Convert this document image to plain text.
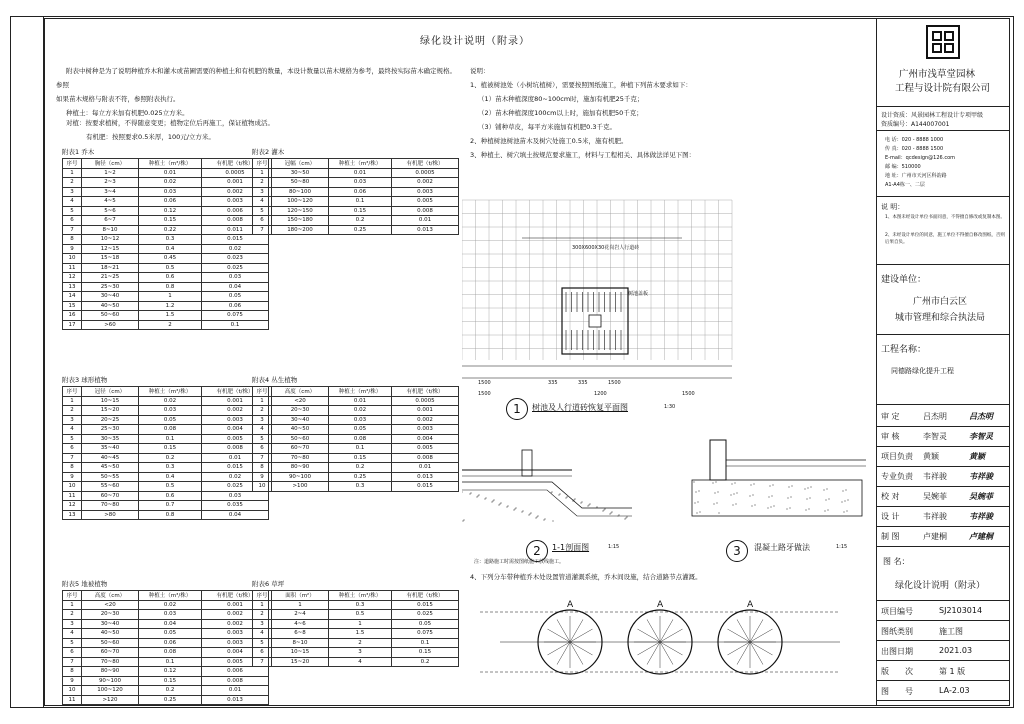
绿化设计说明（附录）
附表中树种是为了说明种植乔木和灌木或苗圃需要的种植土和有机肥的数量，本设计数量以苗木规格为参考，最终按实际苗木确定规格。
参照
如果苗木规格与附表不符，参照附表执行。
种植土：每立方米加有机肥0.025立方米。
对植：按要求植树，不得随意变更；植物定位后再施工，保证植物成活。
有机肥：按照要求0.5米厚，100元/立方米。
说明：
1、植被树池处（小树坑植树），需要按照图纸施工，种植下列苗木要求如下：
（1）苗木种植深度80~100cm时，施加有机肥25千克；
（2）苗木种植深度100cm以上时，施加有机肥50千克；
（3）铺种草皮，每平方米施加有机肥0.3千克。
2、种植树池树池苗木及树穴处施工0.5米，施有机肥。
3、种植土、树穴填土按规范要求施工，材料与工程相关、具体做法详见下图：
300X600X30花岗岩人行道砖
树池盖板
1500	335	335	1500
1200
1500	1500
1	树池及人行道砖恢复平面图	1:30
2	1-1剖面图	1:15
注：道路施工时需按图纸施工放线施工。
3	混凝土路牙做法	1:15
4、下列分车带种植乔木处设置管道灌溉系统，乔木间设施，结合道路节点灌溉。
A	A	A
广州市浅草堂园林
工程与设计院有限公司
设计资质：风景园林工程设计专项甲级
资质编号：A144007001
电 话：020 - 8888 1000
传 真：020 - 8888 1500
E-mail：qcdesign@126.com
邮 编：510000
地 址：广州市天河区科韵路
A1-A4栋一、二层
说 明：
1、本图未经设计单位书面同意，不得擅自修改或复制本图。
2、未经设计单位的同意，施工单位不得擅自修改图纸，否则后果自负。
建设单位：
广州市白云区
城市管理和综合执法局
工程名称：
同德路绿化提升工程
审 定	吕杰明	吕杰明
审 核	李智灵	李智灵
项目负责 黄颖	黄颖
专业负责 韦祥骏	韦祥骏
校 对	吴婉菲	吴婉菲
设 计	韦祥骏	韦祥骏
制 图	卢建桐	卢建桐
图 名：
绿化设计说明（附录）
项目编号	SJ2103014
图纸类别	施工图
出图日期	2021.03
版　　次	第 1 版
图　　号	LA-2.03
附表1 乔木
序号	胸径（cm）	种植土（m³/株）	有机肥（t/株）
1	1~2	0.01	0.0005
2	2~3	0.02	0.001
3	3~4	0.03	0.002
4	4~5	0.06	0.003
5	5~6	0.12	0.006
6	6~7	0.15	0.008
7	8~10	0.22	0.011
8	10~12	0.3	0.015
9	12~15	0.4	0.02
10	15~18	0.45	0.023
11	18~21	0.5	0.025
12	21~25	0.6	0.03
13	25~30	0.8	0.04
14	30~40	1	0.05
15	40~50	1.2	0.06
16	50~60	1.5	0.075
17	>60	2	0.1
附表2 灌木
序号	冠幅（cm）	种植土（m³/株）	有机肥（t/株）
1	30~50	0.01	0.0005
2	50~80	0.03	0.002
3	80~100	0.06	0.003
4	100~120	0.1	0.005
5	120~150	0.15	0.008
6	150~180	0.2	0.01
7	180~200	0.25	0.013
附表3 球形植物
序号	冠径（cm）	种植土（m³/株）	有机肥（t/株）
1	10~15	0.02	0.001
2	15~20	0.03	0.002
3	20~25	0.05	0.003
4	25~30	0.08	0.004
5	30~35	0.1	0.005
6	35~40	0.15	0.008
7	40~45	0.2	0.01
8	45~50	0.3	0.015
9	50~55	0.4	0.02
10	55~60	0.5	0.025
11	60~70	0.6	0.03
12	70~80	0.7	0.035
13	>80	0.8	0.04
附表4 丛生植物
序号	高度（cm）	种植土（m³/株）	有机肥（t/株）
1	<20	0.01	0.0005
2	20~30	0.02	0.001
3	30~40	0.03	0.002
4	40~50	0.05	0.003
5	50~60	0.08	0.004
6	60~70	0.1	0.005
7	70~80	0.15	0.008
8	80~90	0.2	0.01
9	90~100	0.25	0.013
10	>100	0.3	0.015
附表5 地被植物
序号	高度（cm）	种植土（m³/株）	有机肥（t/株）
1	<20	0.02	0.001
2	20~30	0.03	0.002
3	30~40	0.04	0.002
4	40~50	0.05	0.003
5	50~60	0.06	0.003
6	60~70	0.08	0.004
7	70~80	0.1	0.005
8	80~90	0.12	0.006
9	90~100	0.15	0.008
10	100~120	0.2	0.01
11	>120	0.25	0.013
附表6 草坪
序号	面积（m²）	种植土（m³/株）	有机肥（t/株）
1	1	0.3	0.015
2	2~4	0.5	0.025
3	4~6	1	0.05
4	6~8	1.5	0.075
5	8~10	2	0.1
6	10~15	3	0.15
7	15~20	4	0.2
